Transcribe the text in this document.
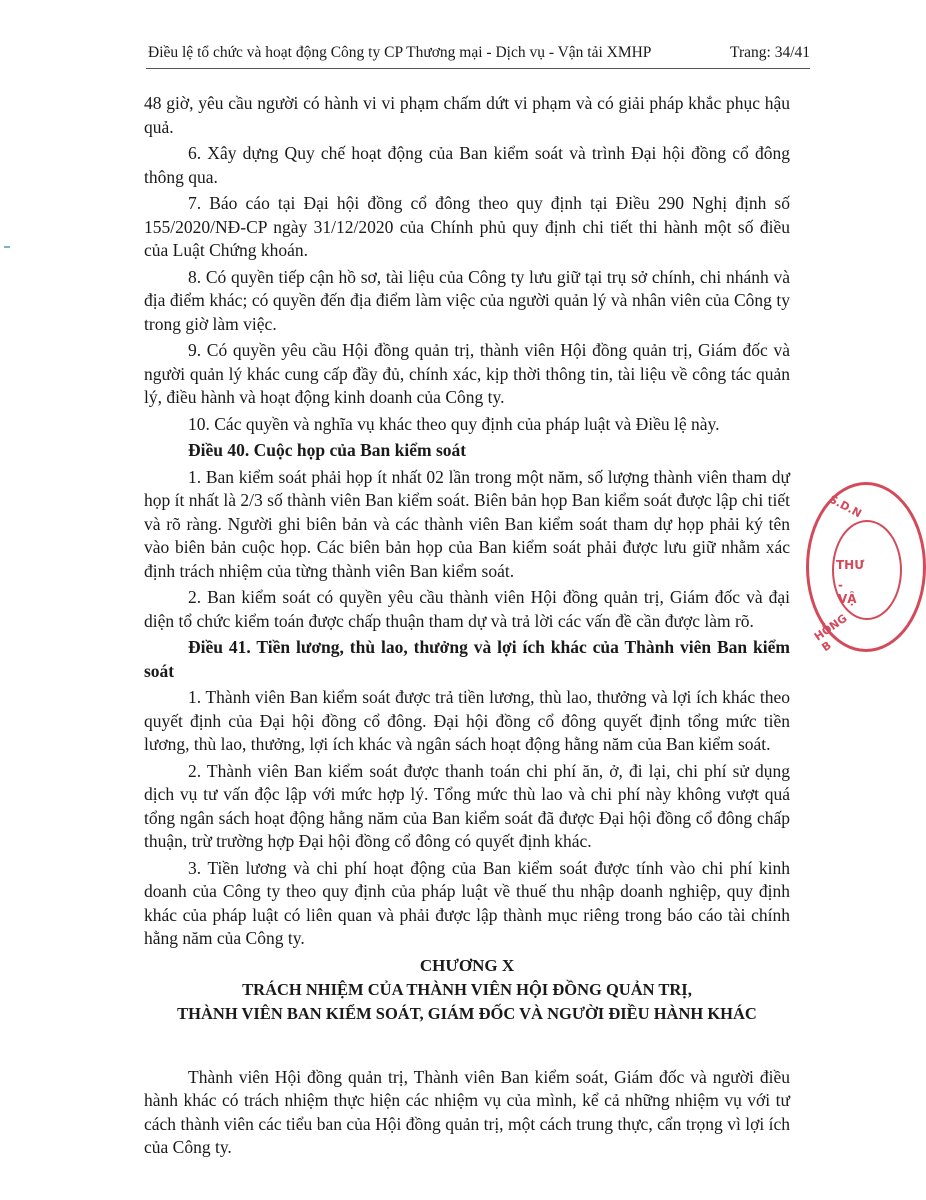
Điều lệ tổ chức và hoạt động Công ty CP Thương mại - Dịch vụ - Vận tải XMHP	Trang: 34/41

48 giờ, yêu cầu người có hành vi vi phạm chấm dứt vi phạm và có giải pháp khắc phục hậu quả.

6. Xây dựng Quy chế hoạt động của Ban kiểm soát và trình Đại hội đồng cổ đông thông qua.

7. Báo cáo tại Đại hội đồng cổ đông theo quy định tại Điều 290 Nghị định số 155/2020/NĐ-CP ngày 31/12/2020 của Chính phủ quy định chi tiết thi hành một số điều của Luật Chứng khoán.

8. Có quyền tiếp cận hồ sơ, tài liệu của Công ty lưu giữ tại trụ sở chính, chi nhánh và địa điểm khác; có quyền đến địa điểm làm việc của người quản lý và nhân viên của Công ty trong giờ làm việc.

9. Có quyền yêu cầu Hội đồng quản trị, thành viên Hội đồng quản trị, Giám đốc và người quản lý khác cung cấp đầy đủ, chính xác, kịp thời thông tin, tài liệu về công tác quản lý, điều hành và hoạt động kinh doanh của Công ty.

10. Các quyền và nghĩa vụ khác theo quy định của pháp luật và Điều lệ này.

Điều 40. Cuộc họp của Ban kiểm soát

1. Ban kiểm soát phải họp ít nhất 02 lần trong một năm, số lượng thành viên tham dự họp ít nhất là 2/3 số thành viên Ban kiểm soát. Biên bản họp Ban kiểm soát được lập chi tiết và rõ ràng. Người ghi biên bản và các thành viên Ban kiểm soát tham dự họp phải ký tên vào biên bản cuộc họp. Các biên bản họp của Ban kiểm soát phải được lưu giữ nhằm xác định trách nhiệm của từng thành viên Ban kiểm soát.

2. Ban kiểm soát có quyền yêu cầu thành viên Hội đồng quản trị, Giám đốc và đại diện tổ chức kiểm toán được chấp thuận tham dự và trả lời các vấn đề cần được làm rõ.

Điều 41. Tiền lương, thù lao, thưởng và lợi ích khác của Thành viên Ban kiểm soát

1. Thành viên Ban kiểm soát được trả tiền lương, thù lao, thưởng và lợi ích khác theo quyết định của Đại hội đồng cổ đông. Đại hội đồng cổ đông quyết định tổng mức tiền lương, thù lao, thưởng, lợi ích khác và ngân sách hoạt động hằng năm của Ban kiểm soát.

2. Thành viên Ban kiểm soát được thanh toán chi phí ăn, ở, đi lại, chi phí sử dụng dịch vụ tư vấn độc lập với mức hợp lý. Tổng mức thù lao và chi phí này không vượt quá tổng ngân sách hoạt động hằng năm của Ban kiểm soát đã được Đại hội đồng cổ đông chấp thuận, trừ trường hợp Đại hội đồng cổ đông có quyết định khác.

3. Tiền lương và chi phí hoạt động của Ban kiểm soát được tính vào chi phí kinh doanh của Công ty theo quy định của pháp luật về thuế thu nhập doanh nghiệp, quy định khác của pháp luật có liên quan và phải được lập thành mục riêng trong báo cáo tài chính hằng năm của Công ty.

CHƯƠNG X

TRÁCH NHIỆM CỦA THÀNH VIÊN HỘI ĐỒNG QUẢN TRỊ,

THÀNH VIÊN BAN KIỂM SOÁT, GIÁM ĐỐC VÀ NGƯỜI ĐIỀU HÀNH KHÁC

Thành viên Hội đồng quản trị, Thành viên Ban kiểm soát, Giám đốc và người điều hành khác có trách nhiệm thực hiện các nhiệm vụ của mình, kể cả những nhiệm vụ với tư cách thành viên các tiểu ban của Hội đồng quản trị, một cách trung thực, cẩn trọng vì lợi ích của Công ty.

S.D.N
THƯ
-VẬ
HỒNG B
